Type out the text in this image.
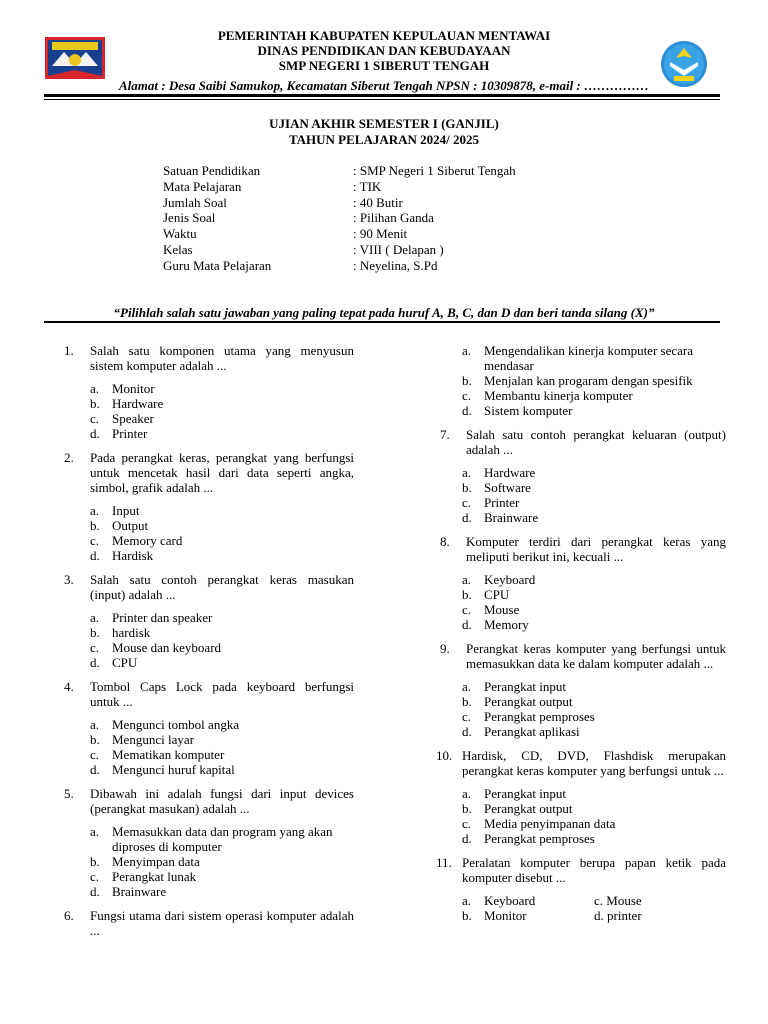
PEMERINTAH KABUPATEN KEPULAUAN MENTAWAI
DINAS PENDIDIKAN DAN KEBUDAYAAN
SMP NEGERI 1 SIBERUT TENGAH
Alamat : Desa Saibi Samukop, Kecamatan Siberut Tengah NPSN : 10309878, e-mail : ……………
UJIAN AKHIR SEMESTER I (GANJIL)
TAHUN PELAJARAN 2024/ 2025
Satuan Pendidikan	: SMP Negeri 1 Siberut Tengah
Mata Pelajaran	: TIK
Jumlah Soal	: 40 Butir
Jenis Soal	: Pilihan Ganda
Waktu	: 90 Menit
Kelas	: VIII ( Delapan )
Guru Mata Pelajaran	: Neyelina, S.Pd
“Pilihlah salah satu jawaban yang paling tepat pada huruf A, B, C, dan D dan beri tanda silang (X)”
1.	Salah satu komponen utama yang menyusun sistem komputer adalah ...
a. Monitor
b. Hardware
c. Speaker
d. Printer
2.	Pada perangkat keras, perangkat yang berfungsi untuk mencetak hasil dari data seperti angka, simbol, grafik adalah ...
a. Input
b. Output
c. Memory card
d. Hardisk
3.	Salah satu contoh perangkat keras masukan (input) adalah ...
a. Printer dan speaker
b. hardisk
c. Mouse dan keyboard
d. CPU
4.	Tombol Caps Lock pada keyboard berfungsi untuk ...
a. Mengunci tombol angka
b. Mengunci layar
c. Mematikan komputer
d. Mengunci huruf kapital
5.	Dibawah ini adalah fungsi dari input devices (perangkat masukan) adalah ...
a. Memasukkan data dan program yang akan diproses di komputer
b. Menyimpan data
c. Perangkat lunak
d. Brainware
6.	Fungsi utama dari sistem operasi komputer adalah ...
a. Mengendalikan kinerja komputer secara mendasar
b. Menjalan kan progaram dengan spesifik
c. Membantu kinerja komputer
d. Sistem komputer
7.	Salah satu contoh perangkat keluaran (output) adalah ...
a. Hardware
b. Software
c. Printer
d. Brainware
8.	Komputer terdiri dari perangkat keras yang meliputi berikut ini, kecuali ...
a. Keyboard
b. CPU
c. Mouse
d. Memory
9.	Perangkat keras komputer yang berfungsi untuk memasukkan data ke dalam komputer adalah ...
a. Perangkat input
b. Perangkat output
c. Perangkat pemproses
d. Perangkat aplikasi
10. Hardisk, CD, DVD, Flashdisk merupakan perangkat keras komputer yang berfungsi untuk ...
a. Perangkat input
b. Perangkat output
c. Media penyimpanan data
d. Perangkat pemproses
11. Peralatan komputer berupa papan ketik pada komputer disebut ...
a. Keyboard	c. Mouse
b. Monitor	d. printer
